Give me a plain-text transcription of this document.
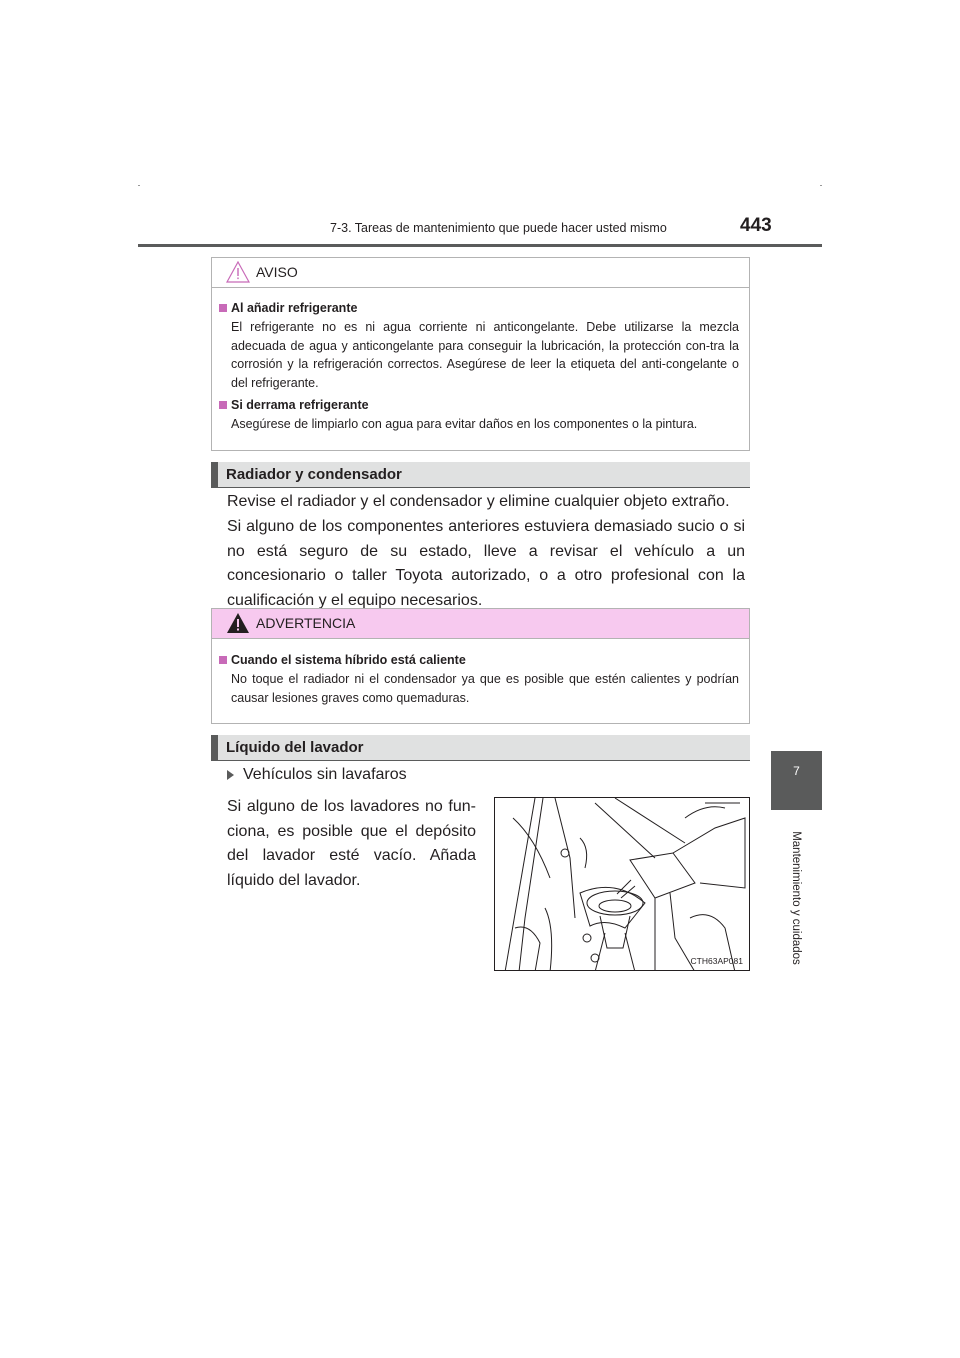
7-3. Tareas de mantenimiento que puede hacer usted mismo	443
7
Mantenimiento y cuidados
AVISO
Al añadir refrigerante
El refrigerante no es ni agua corriente ni anticongelante. Debe utilizarse la mezcla adecuada de agua y anticongelante para conseguir la lubricación, la protección con-tra la corrosión y la refrigeración correctos. Asegúrese de leer la etiqueta del anti-congelante o del refrigerante.
Si derrama refrigerante
Asegúrese de limpiarlo con agua para evitar daños en los componentes o la pintura.
Radiador y condensador
Revise el radiador y el condensador y elimine cualquier objeto extraño.
Si alguno de los componentes anteriores estuviera demasiado sucio o si no está seguro de su estado, lleve a revisar el vehículo a un concesionario o taller Toyota autorizado, o a otro profesional con la cualificación y el equipo necesarios.
ADVERTENCIA
Cuando el sistema híbrido está caliente
No toque el radiador ni el condensador ya que es posible que estén calientes y podrían causar lesiones graves como quemaduras.
Líquido del lavador
Vehículos sin lavafaros
Si alguno de los lavadores no fun-ciona, es posible que el depósito del lavador esté vacío. Añada líquido del lavador.
CTH63AP081
